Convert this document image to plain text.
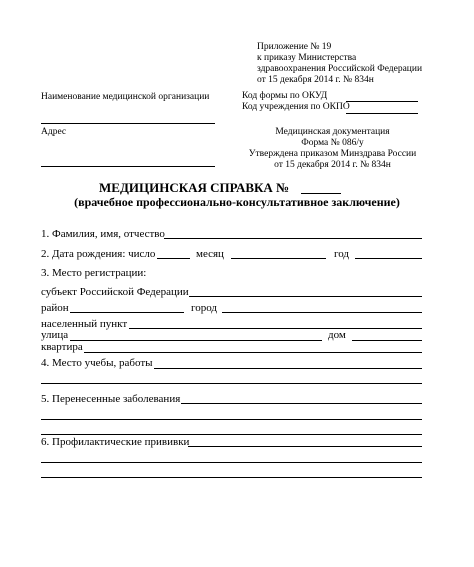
Приложение № 19
к приказу Министерства
здравоохранения Российской Федерации
от 15 декабря 2014 г. № 834н
Наименование медицинской организации	Код формы по ОКУД
Код учреждения по ОКПО
Адрес	Медицинская документация
Форма № 086/у
Утверждена приказом Минздрава России
от 15 декабря 2014 г. № 834н
МЕДИЦИНСКАЯ СПРАВКА №
(врачебное профессионально-консультативное заключение)
1. Фамилия, имя, отчество
2. Дата рождения: число	месяц	год
3. Место регистрации:
субъект Российской Федерации
район	город
населенный пункт
улица	дом
квартира
4. Место учебы, работы
5. Перенесенные заболевания
6. Профилактические прививки
